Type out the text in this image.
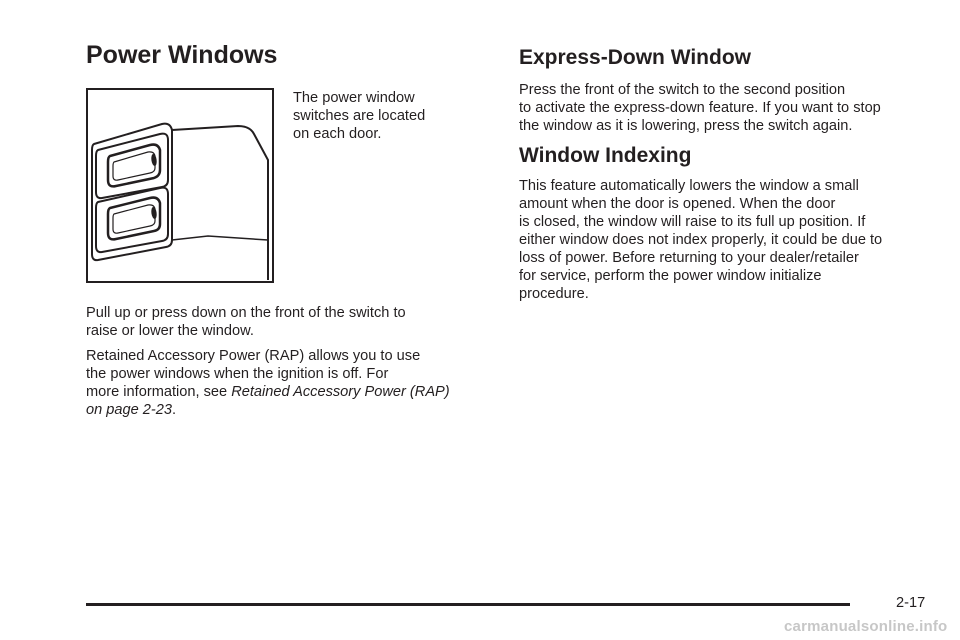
Power Windows

The power window
switches are located
on each door.

Pull up or press down on the front of the switch to
raise or lower the window.

Retained Accessory Power (RAP) allows you to use
the power windows when the ignition is off. For
more information, see Retained Accessory Power (RAP)
on page 2-23.

Express-Down Window

Press the front of the switch to the second position
to activate the express-down feature. If you want to stop
the window as it is lowering, press the switch again.

Window Indexing

This feature automatically lowers the window a small
amount when the door is opened. When the door
is closed, the window will raise to its full up position. If
either window does not index properly, it could be due to
loss of power. Before returning to your dealer/retailer
for service, perform the power window initialize
procedure.

2-17
carmanualsonline.info
